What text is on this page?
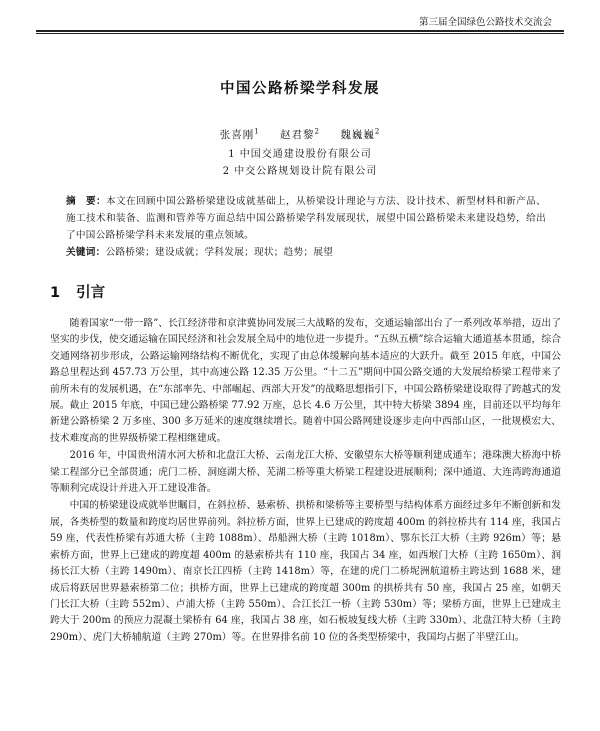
第三届全国绿色公路技术交流会
中国公路桥梁学科发展
张喜刚$^1$ 赵君黎$^2$ 魏巍巍$^2$
1 中国交通建设股份有限公司
2 中交公路规划设计院有限公司
摘　要：本文在回顾中国公路桥梁建设成就基础上，从桥梁设计理论与方法、设计技术、新型材料和新产品、施工技术和装备、监测和管养等方面总结中国公路桥梁学科发展现状，展望中国公路桥梁未来建设趋势，给出了中国公路桥梁学科未来发展的重点领域。
关键词：公路桥梁；建设成就；学科发展；现状；趋势；展望
1 引言

随着国家“一带一路”、长江经济带和京津冀协同发展三大战略的发布，交通运输部出台了一系列改革举措，迈出了坚实的步伐，使交通运输在国民经济和社会发展全局中的地位进一步提升。“五纵五横”综合运输大通道基本贯通，综合交通网络初步形成，公路运输网络结构不断优化，实现了由总体缓解向基本适应的大跃升。截至 2015 年底，中国公路总里程达到 457.73 万公里，其中高速公路 12.35 万公里。“十二五”期间中国公路交通的大发展给桥梁工程带来了前所未有的发展机遇，在“东部率先、中部崛起、西部大开发”的战略思想指引下，中国公路桥梁建设取得了跨越式的发展。截止 2015 年底，中国已建公路桥梁 77.92 万座，总长 4.6 万公里，其中特大桥梁 3894 座，目前还以平均每年新建公路桥梁 2 万多座、300 多万延米的速度继续增长。随着中国公路网建设逐步走向中西部山区，一批规模宏大、技术难度高的世界级桥梁工程相继建成。

2016 年，中国贵州清水河大桥和北盘江大桥、云南龙江大桥、安徽望东大桥等顺利建成通车；港珠澳大桥海中桥梁工程部分已全部贯通；虎门二桥、洞庭湖大桥、芜湖二桥等重大桥梁工程建设进展顺利；深中通道、大连湾跨海通道等顺利完成设计并进入开工建设准备。

中国的桥梁建设成就举世瞩目，在斜拉桥、悬索桥、拱桥和梁桥等主要桥型与结构体系方面经过多年不断创新和发展，各类桥型的数量和跨度均居世界前列。斜拉桥方面，世界上已建成的跨度超 400m 的斜拉桥共有 114 座，我国占 59 座，代表性桥梁有苏通大桥（主跨 1088m）、昂船洲大桥（主跨 1018m）、鄂东长江大桥（主跨 926m）等；悬索桥方面，世界上已建成的跨度超 400m 的悬索桥共有 110 座，我国占 34 座，如西堠门大桥（主跨 1650m）、润扬长江大桥（主跨 1490m）、南京长江四桥（主跨 1418m）等，在建的虎门二桥坭洲航道桥主跨达到 1688 米，建成后将跃居世界悬索桥第二位；拱桥方面，世界上已建成的跨度超 300m 的拱桥共有 50 座，我国占 25 座，如朝天门长江大桥（主跨 552m）、卢浦大桥（主跨 550m）、合江长江一桥（主跨 530m）等；梁桥方面，世界上已建成主跨大于 200m 的预应力混凝土梁桥有 64 座，我国占 38 座，如石板坡复线大桥（主跨 330m）、北盘江特大桥（主跨 290m）、虎门大桥辅航道（主跨 270m）等。在世界排名前 10 位的各类型桥梁中，我国均占据了半壁江山。
